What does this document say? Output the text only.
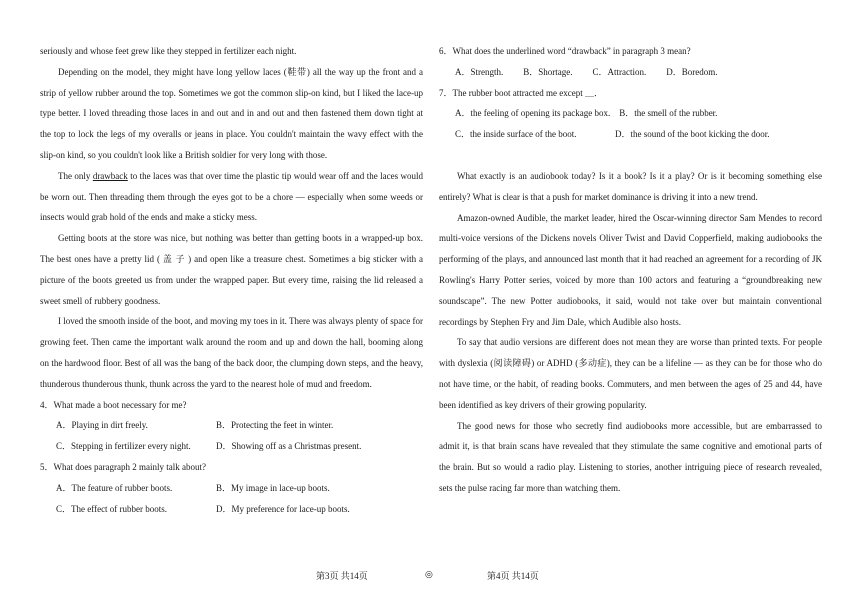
seriously and whose feet grew like they stepped in fertilizer each night.

Depending on the model, they might have long yellow laces (鞋带) all the way up the front and a strip of yellow rubber around the top. Sometimes we got the common slip-on kind, but I liked the lace-up type better. I loved threading those laces in and out and in and out and then fastened them down tight at the top to lock the legs of my overalls or jeans in place. You couldn't maintain the wavy effect with the slip-on kind, so you couldn't look like a British soldier for very long with those.

The only drawback to the laces was that over time the plastic tip would wear off and the laces would be worn out. Then threading them through the eyes got to be a chore — especially when some weeds or insects would grab hold of the ends and make a sticky mess.

Getting boots at the store was nice, but nothing was better than getting boots in a wrapped-up box. The best ones have a pretty lid ( 盖 子 ) and open like a treasure chest. Sometimes a big sticker with a picture of the boots greeted us from under the wrapped paper. But every time, raising the lid released a sweet smell of rubbery goodness.

I loved the smooth inside of the boot, and moving my toes in it. There was always plenty of space for growing feet. Then came the important walk around the room and up and down the hall, booming along on the hardwood floor. Best of all was the bang of the back door, the clumping down steps, and the heavy, thunderous thunderous thunk, thunk across the yard to the nearest hole of mud and freedom.

4．What made a boot necessary for me?
A．Playing in dirt freely.	B．Protecting the feet in winter.
C．Stepping in fertilizer every night.	D．Showing off as a Christmas present.
5．What does paragraph 2 mainly talk about?
A．The feature of rubber boots.	B．My image in lace-up boots.
C．The effect of rubber boots.	D．My preference for lace-up boots.
6．What does the underlined word “drawback” in paragraph 3 mean?
A．Strength. B．Shortage. C．Attraction. D．Boredom.
7．The rubber boot attracted me except ＿．
A．the feeling of opening its package box.　B．the smell of the rubber.
C．the inside surface of the boot.	D．the sound of the boot kicking the door.

What exactly is an audiobook today? Is it a book? Is it a play? Or is it becoming something else entirely? What is clear is that a push for market dominance is driving it into a new trend.

Amazon-owned Audible, the market leader, hired the Oscar-winning director Sam Mendes to record multi-voice versions of the Dickens novels Oliver Twist and David Copperfield, making audiobooks the performing of the plays, and announced last month that it had reached an agreement for a recording of JK Rowling's Harry Potter series, voiced by more than 100 actors and featuring a “groundbreaking new soundscape”. The new Potter audiobooks, it said, would not take over but maintain conventional recordings by Stephen Fry and Jim Dale, which Audible also hosts.

To say that audio versions are different does not mean they are worse than printed texts. For people with dyslexia (阅读障碍) or ADHD (多动症), they can be a lifeline — as they can be for those who do not have time, or the habit, of reading books. Commuters, and men between the ages of 25 and 44, have been identified as key drivers of their growing popularity.

The good news for those who secretly find audiobooks more accessible, but are embarrassed to admit it, is that brain scans have revealed that they stimulate the same cognitive and emotional parts of the brain. But so would a radio play. Listening to stories, another intriguing piece of research revealed, sets the pulse racing far more than watching them.

第3页 共14页	◎	第4页 共14页
